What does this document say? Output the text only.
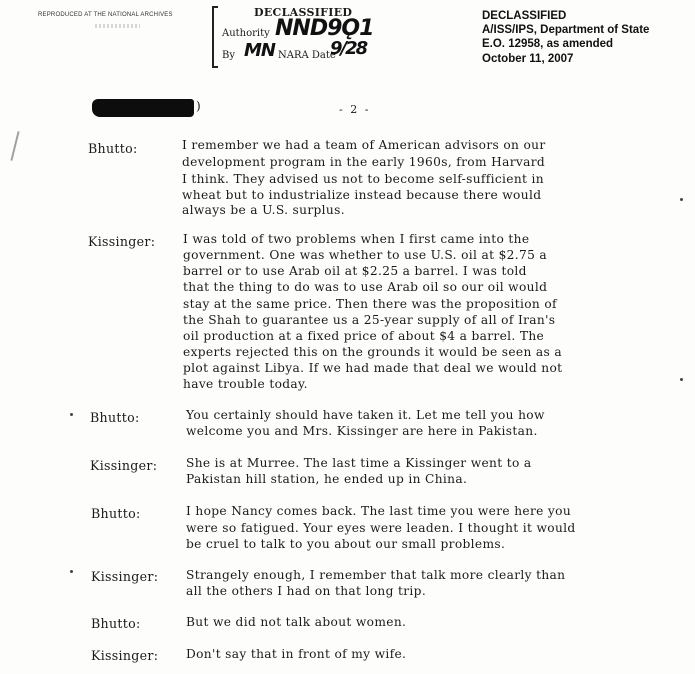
REPRODUCED AT THE NATIONAL ARCHIVES	DECLASSIFIED
Authority NND9Ǫ1
By MN NARA Date
9/28
DECLASSIFIED
A/ISS/IPS, Department of State
E.O. 12958, as amended
October 11, 2007
)	- 2 -
Bhutto:	I remember we had a team of American advisors on our
development program in the early 1960s, from Harvard
I think. They advised us not to become self-sufficient in
wheat but to industrialize instead because there would
always be a U.S. surplus.
Kissinger: I was told of two problems when I first came into the
government. One was whether to use U.S. oil at $2.75 a
barrel or to use Arab oil at $2.25 a barrel. I was told
that the thing to do was to use Arab oil so our oil would
stay at the same price. Then there was the proposition of
the Shah to guarantee us a 25-year supply of all of Iran's
oil production at a fixed price of about $4 a barrel. The
experts rejected this on the grounds it would be seen as a
plot against Libya. If we had made that deal we would not
have trouble today.
Bhutto:	You certainly should have taken it. Let me tell you how
welcome you and Mrs. Kissinger are here in Pakistan.
Kissinger: She is at Murree. The last time a Kissinger went to a
Pakistan hill station, he ended up in China.
Bhutto:	I hope Nancy comes back. The last time you were here you
were so fatigued. Your eyes were leaden. I thought it would
be cruel to talk to you about our small problems.
Kissinger: Strangely enough, I remember that talk more clearly than
all the others I had on that long trip.
Bhutto:	But we did not talk about women.
Kissinger: Don't say that in front of my wife.
